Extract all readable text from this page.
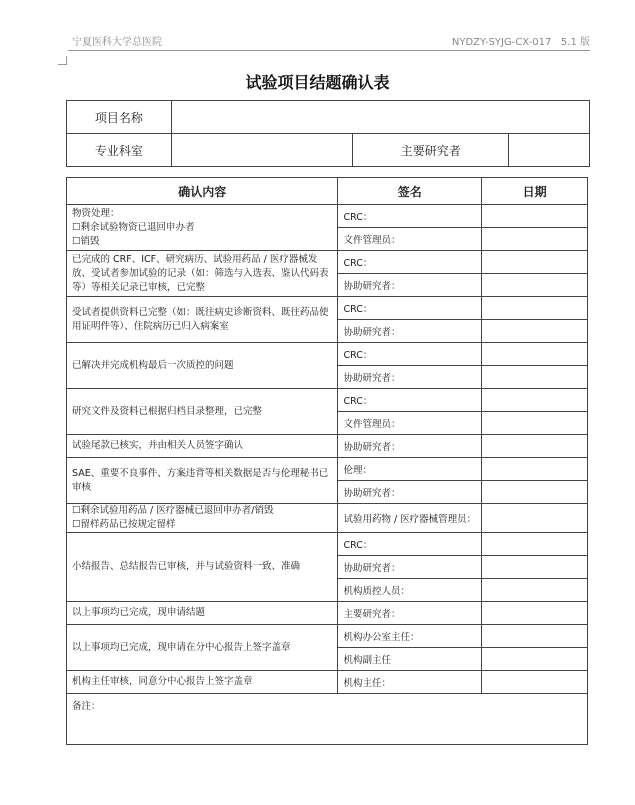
宁夏医科大学总医院	NYDZY-SYJG-CX-017 5.1 版
试验项目结题确认表
项目名称			
专业科室		主要研究者	
确认内容	签名	日期

物资处理：
☐剩余试验物资已退回申办者
☐销毁	CRC：	
	文件管理员：	

已完成的 CRF、ICF、研究病历、试验用药品 / 医疗器械发放、受试者参加试验的记录（如：筛选与入选表、鉴认代码表等）等相关记录已审核，已完整	CRC：	
	协助研究者：	

受试者提供资料已完整（如：既往病史诊断资料、既往药品使用证明件等）、住院病历已归入病案室	CRC：	
	协助研究者：	

已解决并完成机构最后一次质控的问题	CRC：	
	协助研究者：	

研究文件及资料已根据归档目录整理，已完整	CRC：	
	文件管理员：	

试验尾款已核实，并由相关人员签字确认	协助研究者：	

SAE、重要不良事件、方案违背等相关数据是否与伦理秘书已审核	伦理：	
	协助研究者：	

☐剩余试验用药品 / 医疗器械已退回申办者/销毁
☐留样药品已按规定留样	试验用药物 / 医疗器械管理员：	

小结报告、总结报告已审核，并与试验资料一致、准确	CRC：	
	协助研究者：	
	机构质控人员：	

以上事项均已完成，现申请结题	主要研究者：	

以上事项均已完成，现申请在分中心报告上签字盖章	机构办公室主任：	
	机构副主任	

机构主任审核，同意分中心报告上签字盖章	机构主任：	
备注：		
